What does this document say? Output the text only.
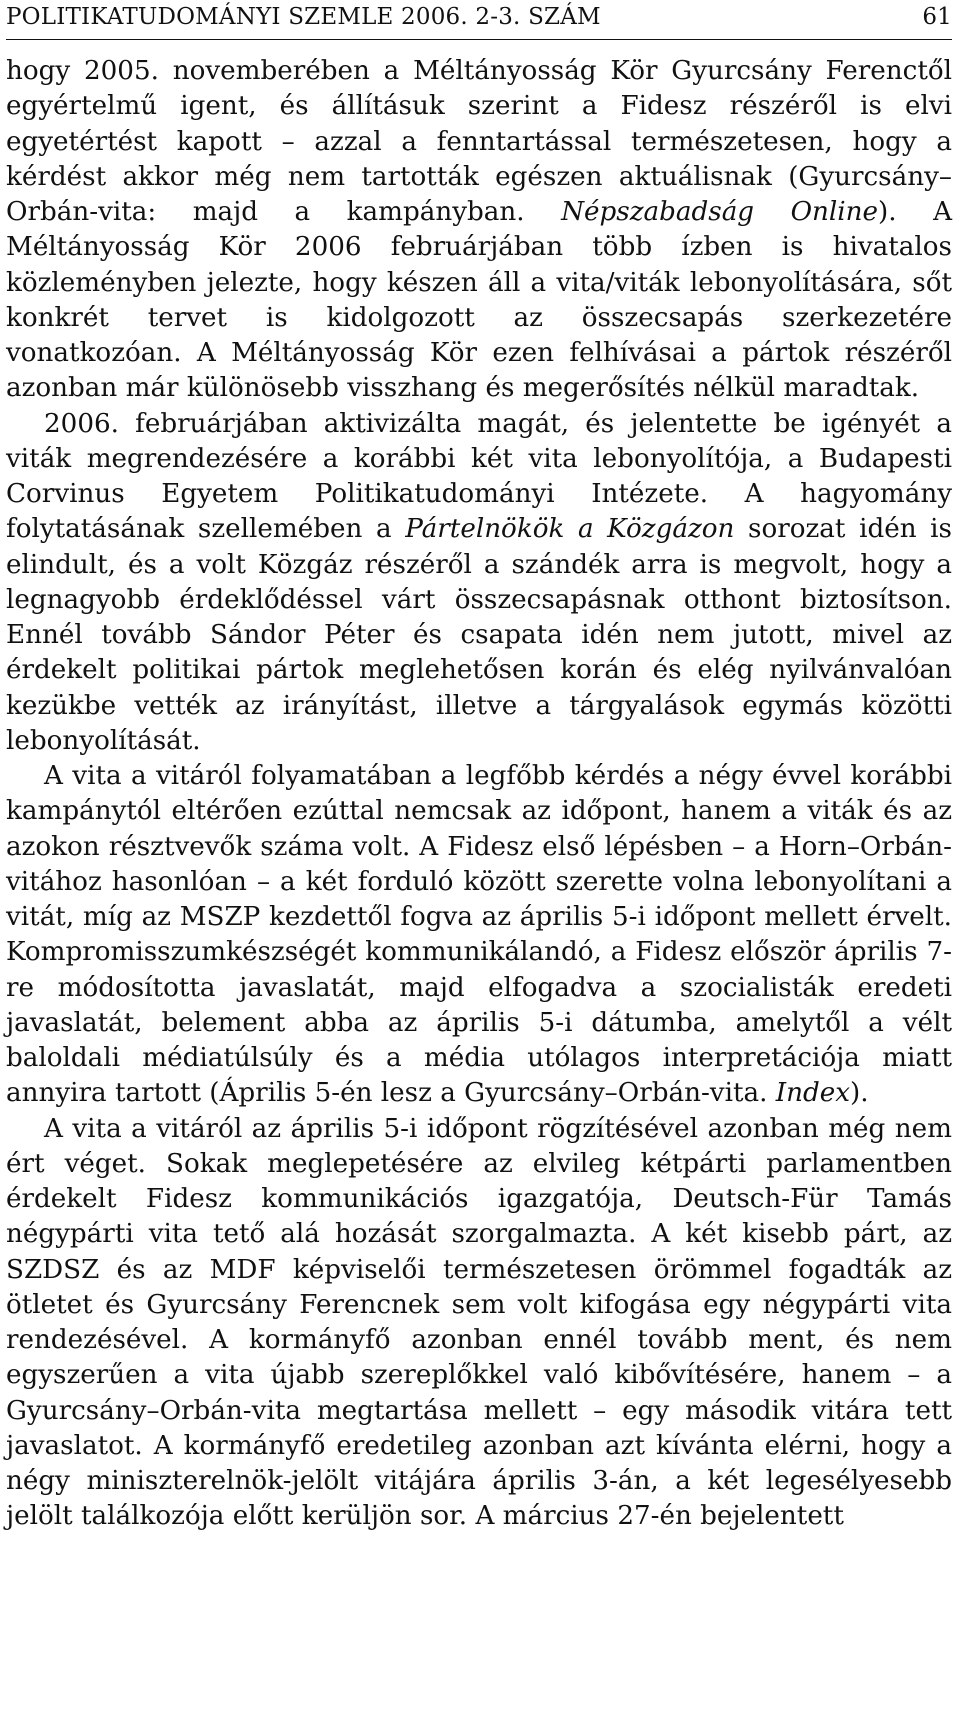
POLITIKATUDOMÁNYI SZEMLE 2006. 2-3. SZÁM	61

hogy 2005. novemberében a Méltányosság Kör Gyurcsány Ferenctől egyértelmű igent, és állításuk szerint a Fidesz részéről is elvi egyetértést kapott – azzal a fenntartással természetesen, hogy a kérdést akkor még nem tartották egészen aktuálisnak (Gyurcsány–Orbán-vita: majd a kampányban. Népszabadság Online). A Méltányosság Kör 2006 februárjában több ízben is hivatalos közleményben jelezte, hogy készen áll a vita/viták lebonyolítására, sőt konkrét tervet is kidolgozott az összecsapás szerkezetére vonatkozóan. A Méltányosság Kör ezen felhívásai a pártok részéről azonban már különösebb visszhang és megerősítés nélkül maradtak.

2006. februárjában aktivizálta magát, és jelentette be igényét a viták megrendezésére a korábbi két vita lebonyolítója, a Budapesti Corvinus Egyetem Politikatudományi Intézete. A hagyomány folytatásának szellemében a Pártelnökök a Közgázon sorozat idén is elindult, és a volt Közgáz részéről a szándék arra is megvolt, hogy a legnagyobb érdeklődéssel várt összecsapásnak otthont biztosítson. Ennél tovább Sándor Péter és csapata idén nem jutott, mivel az érdekelt politikai pártok meglehetősen korán és elég nyilvánvalóan kezükbe vették az irányítást, illetve a tárgyalások egymás közötti lebonyolítását.

A vita a vitáról folyamatában a legfőbb kérdés a négy évvel korábbi kampánytól eltérően ezúttal nemcsak az időpont, hanem a viták és az azokon résztvevők száma volt. A Fidesz első lépésben – a Horn–Orbán-vitához hasonlóan – a két forduló között szerette volna lebonyolítani a vitát, míg az MSZP kezdettől fogva az április 5-i időpont mellett érvelt. Kompromisszumkészségét kommunikálandó, a Fidesz először április 7-re módosította javaslatát, majd elfogadva a szocialisták eredeti javaslatát, belement abba az április 5-i dátumba, amelytől a vélt baloldali médiatúlsúly és a média utólagos interpretációja miatt annyira tartott (Április 5-én lesz a Gyurcsány–Orbán-vita. Index).

A vita a vitáról az április 5-i időpont rögzítésével azonban még nem ért véget. Sokak meglepetésére az elvileg kétpárti parlamentben érdekelt Fidesz kommunikációs igazgatója, Deutsch-Für Tamás négypárti vita tető alá hozását szorgalmazta. A két kisebb párt, az SZDSZ és az MDF képviselői természetesen örömmel fogadták az ötletet és Gyurcsány Ferencnek sem volt kifogása egy négypárti vita rendezésével. A kormányfő azonban ennél tovább ment, és nem egyszerűen a vita újabb szereplőkkel való kibővítésére, hanem – a Gyurcsány–Orbán-vita megtartása mellett – egy második vitára tett javaslatot. A kormányfő eredetileg azonban azt kívánta elérni, hogy a négy miniszterelnök-jelölt vitájára április 3-án, a két legesélyesebb jelölt találkozója előtt kerüljön sor. A március 27-én bejelentett
